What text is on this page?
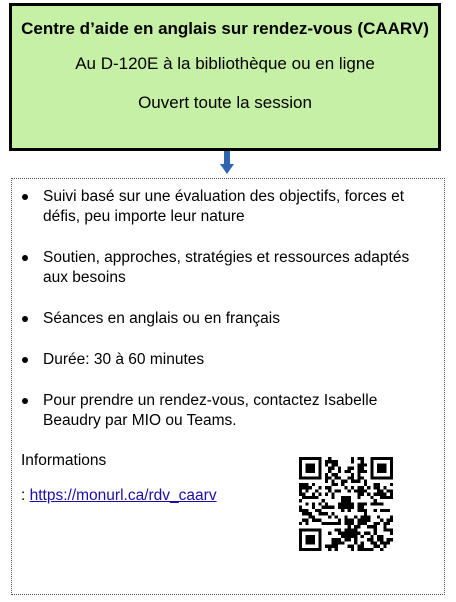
Centre d’aide en anglais sur rendez-vous (CAARV)
Au D-120E à la bibliothèque ou en ligne
Ouvert toute la session
Suivi basé sur une évaluation des objectifs, forces et défis, peu importe leur nature
Soutien, approches, stratégies et ressources adaptés aux besoins
Séances en anglais ou en français
Durée: 30 à 60 minutes
Pour prendre un rendez-vous, contactez Isabelle Beaudry par MIO ou Teams.
Informations
: https://monurl.ca/rdv_caarv
